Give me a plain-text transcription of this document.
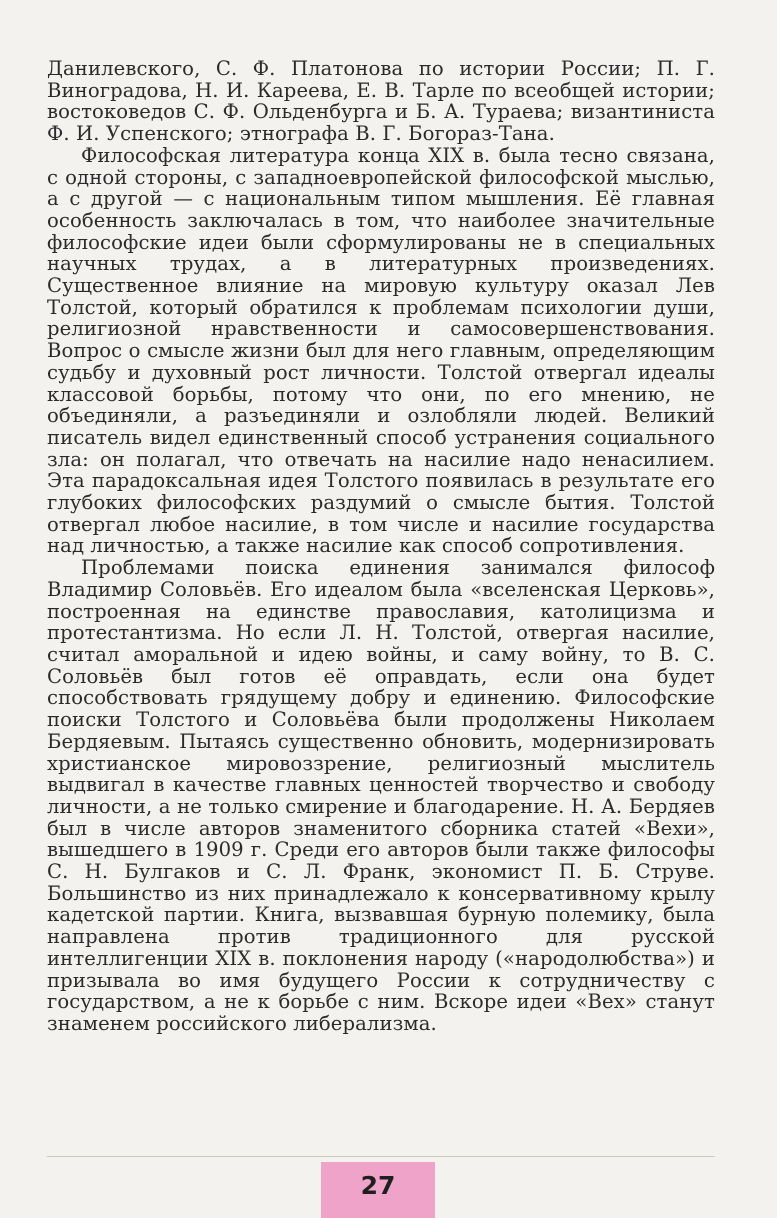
Данилевского, С. Ф. Платонова по истории России; П. Г. Виноградова, Н. И. Кареева, Е. В. Тарле по всеобщей истории; востоковедов С. Ф. Ольденбурга и Б. А. Тураева; византиниста Ф. И. Успенского; этнографа В. Г. Богораз-Тана.

Философская литература конца XIX в. была тесно связана, с одной стороны, с западноевропейской философской мыслью, а с другой — с национальным типом мышления. Её главная особенность заключалась в том, что наиболее значительные философские идеи были сформулированы не в специальных научных трудах, а в литературных произведениях. Существенное влияние на мировую культуру оказал Лев Толстой, который обратился к проблемам психологии души, религиозной нравственности и самосовершенствования. Вопрос о смысле жизни был для него главным, определяющим судьбу и духовный рост личности. Толстой отвергал идеалы классовой борьбы, потому что они, по его мнению, не объединяли, а разъединяли и озлобляли людей. Великий писатель видел единственный способ устранения социального зла: он полагал, что отвечать на насилие надо ненасилием. Эта парадоксальная идея Толстого появилась в результате его глубоких философских раздумий о смысле бытия. Толстой отвергал любое насилие, в том числе и насилие государства над личностью, а также насилие как способ сопротивления.

Проблемами поиска единения занимался философ Владимир Соловьёв. Его идеалом была «вселенская Церковь», построенная на единстве православия, католицизма и протестантизма. Но если Л. Н. Толстой, отвергая насилие, считал аморальной и идею войны, и саму войну, то В. С. Соловьёв был готов её оправдать, если она будет способствовать грядущему добру и единению. Философские поиски Толстого и Соловьёва были продолжены Николаем Бердяевым. Пытаясь существенно обновить, модернизировать христианское мировоззрение, религиозный мыслитель выдвигал в качестве главных ценностей творчество и свободу личности, а не только смирение и благодарение. Н. А. Бердяев был в числе авторов знаменитого сборника статей «Вехи», вышедшего в 1909 г. Среди его авторов были также философы С. Н. Булгаков и С. Л. Франк, экономист П. Б. Струве. Большинство из них принадлежало к консервативному крылу кадетской партии. Книга, вызвавшая бурную полемику, была направлена против традиционного для русской интеллигенции XIX в. поклонения народу («народолюбства») и призывала во имя будущего России к сотрудничеству с государством, а не к борьбе с ним. Вскоре идеи «Вех» станут знаменем российского либерализма.

27
